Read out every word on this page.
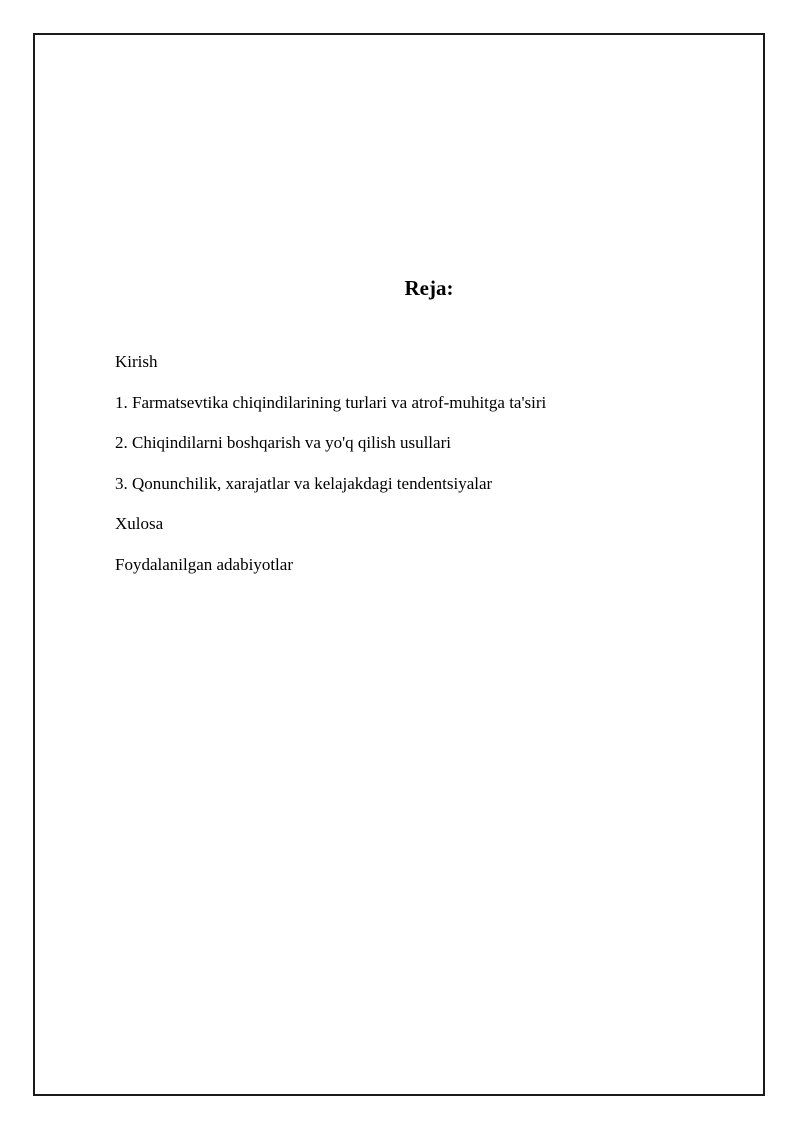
Reja:
Kirish
1. Farmatsevtika chiqindilarining turlari va atrof-muhitga ta'siri
2. Chiqindilarni boshqarish va yo'q qilish usullari
3. Qonunchilik, xarajatlar va kelajakdagi tendentsiyalar
Xulosa
Foydalanilgan adabiyotlar
